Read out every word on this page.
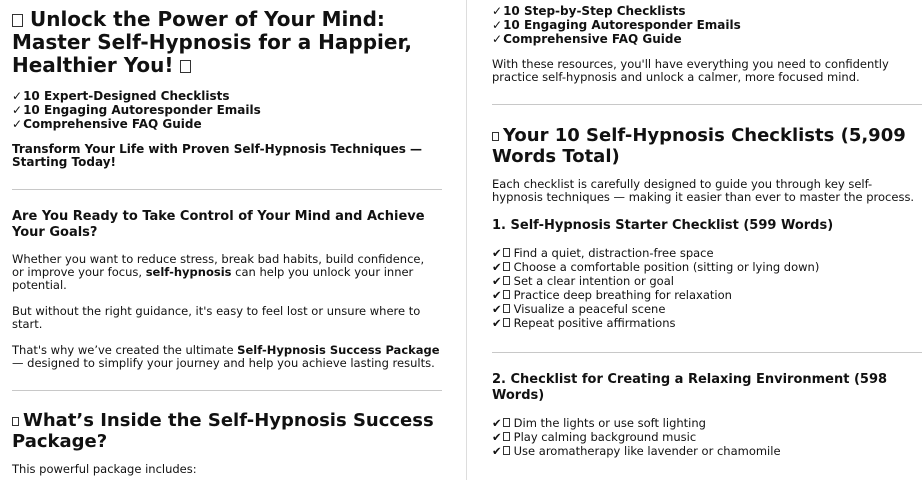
Unlock the Power of Your Mind:
Master Self-Hypnosis for a Happier,
Healthier You!
✓10 Expert-Designed Checklists
✓10 Engaging Autoresponder Emails
✓Comprehensive FAQ Guide
Transform Your Life with Proven Self-Hypnosis Techniques —
Starting Today!
Are You Ready to Take Control of Your Mind and Achieve
Your Goals?

Whether you want to reduce stress, break bad habits, build confidence,
or improve your focus, self-hypnosis can help you unlock your inner
potential.

But without the right guidance, it's easy to feel lost or unsure where to
start.

That's why we’ve created the ultimate Self-Hypnosis Success Package
— designed to simplify your journey and help you achieve lasting results.

What’s Inside the Self-Hypnosis Success
Package?

This powerful package includes:

✓10 Step-by-Step Checklists
✓10 Engaging Autoresponder Emails
✓Comprehensive FAQ Guide

With these resources, you'll have everything you need to confidently
practice self-hypnosis and unlock a calmer, more focused mind.

Your 10 Self-Hypnosis Checklists (5,909
Words Total)

Each checklist is carefully designed to guide you through key self-
hypnosis techniques — making it easier than ever to master the process.

1. Self-Hypnosis Starter Checklist (599 Words)
✔ Find a quiet, distraction-free space
✔ Choose a comfortable position (sitting or lying down)
✔ Set a clear intention or goal
✔ Practice deep breathing for relaxation
✔ Visualize a peaceful scene
✔ Repeat positive affirmations
2. Checklist for Creating a Relaxing Environment (598
Words)
✔ Dim the lights or use soft lighting
✔ Play calming background music
✔ Use aromatherapy like lavender or chamomile
